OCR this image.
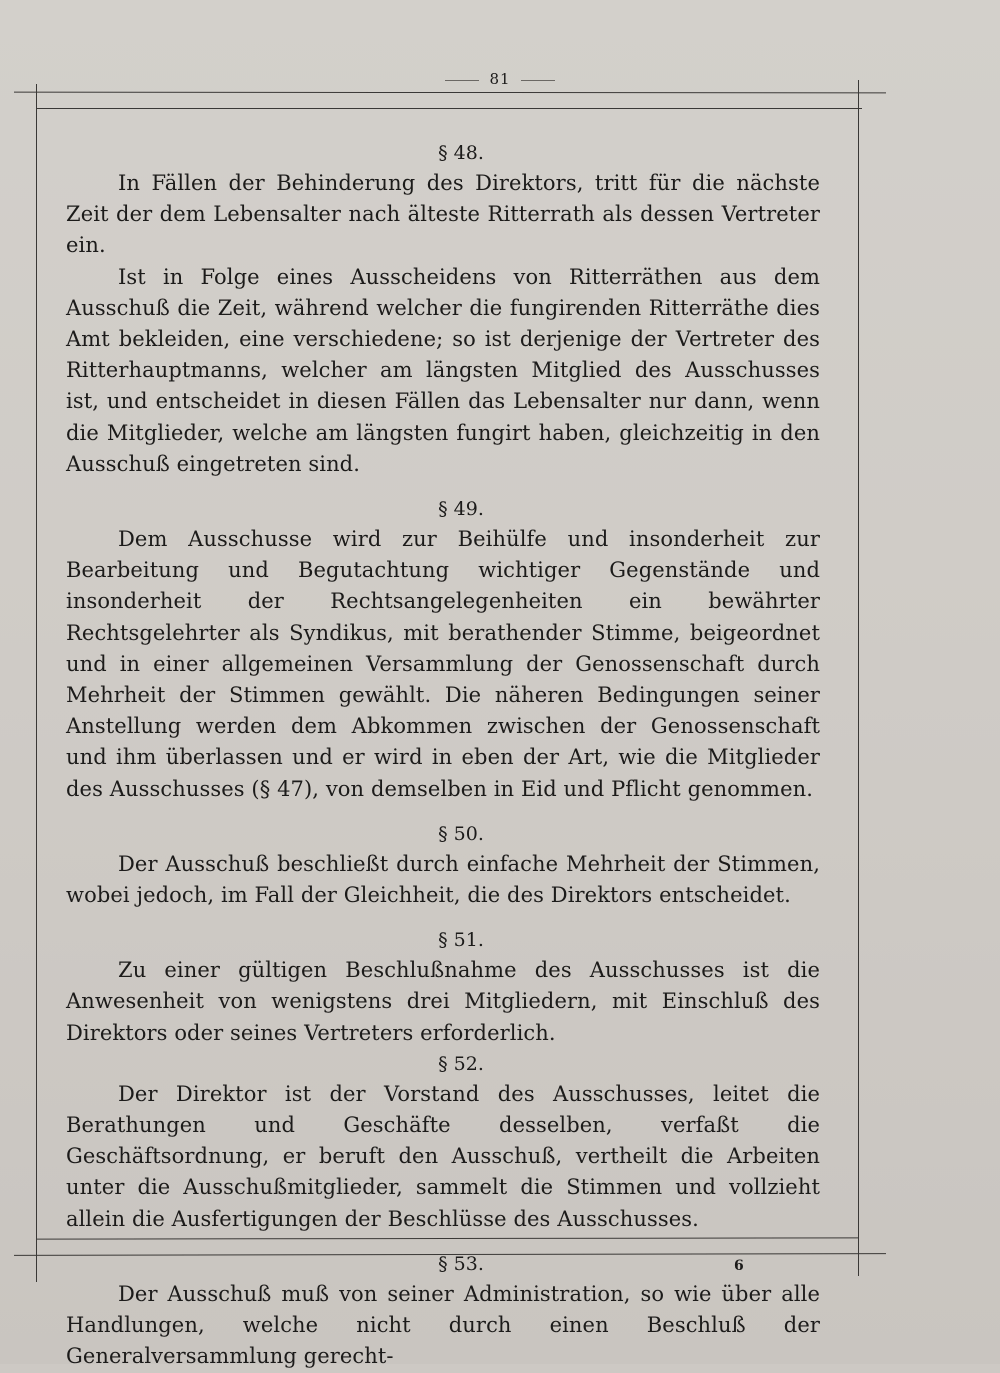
81
§ 48.

In Fällen der Behinderung des Direktors, tritt für die nächste Zeit der dem Lebensalter nach älteste Ritterrath als dessen Vertreter ein.

Ist in Folge eines Ausscheidens von Ritterräthen aus dem Ausschuß die Zeit, während welcher die fungirenden Ritterräthe dies Amt bekleiden, eine verschiedene; so ist derjenige der Vertreter des Ritterhauptmanns, welcher am längsten Mitglied des Ausschusses ist, und entscheidet in diesen Fällen das Lebensalter nur dann, wenn die Mitglieder, welche am längsten fungirt haben, gleichzeitig in den Ausschuß eingetreten sind.

§ 49.

Dem Ausschusse wird zur Beihülfe und insonderheit zur Bearbeitung und Begutachtung wichtiger Gegenstände und insonderheit der Rechtsangelegenheiten ein bewährter Rechtsgelehrter als Syndikus, mit berathender Stimme, beigeordnet und in einer allgemeinen Versammlung der Genossenschaft durch Mehrheit der Stimmen gewählt. Die näheren Bedingungen seiner Anstellung werden dem Abkommen zwischen der Genossenschaft und ihm überlassen und er wird in eben der Art, wie die Mitglieder des Ausschusses (§ 47), von demselben in Eid und Pflicht genommen.

§ 50.

Der Ausschuß beschließt durch einfache Mehrheit der Stimmen, wobei jedoch, im Fall der Gleichheit, die des Direktors entscheidet.

§ 51.

Zu einer gültigen Beschlußnahme des Ausschusses ist die Anwesenheit von wenigstens drei Mitgliedern, mit Einschluß des Direktors oder seines Vertreters erforderlich.

§ 52.

Der Direktor ist der Vorstand des Ausschusses, leitet die Berathungen und Geschäfte desselben, verfaßt die Geschäftsordnung, er beruft den Ausschuß, vertheilt die Arbeiten unter die Ausschußmitglieder, sammelt die Stimmen und vollzieht allein die Ausfertigungen der Beschlüsse des Ausschusses.

§ 53.

Der Ausschuß muß von seiner Administration, so wie über alle Handlungen, welche nicht durch einen Beschluß der Generalversammlung gerecht-

6
